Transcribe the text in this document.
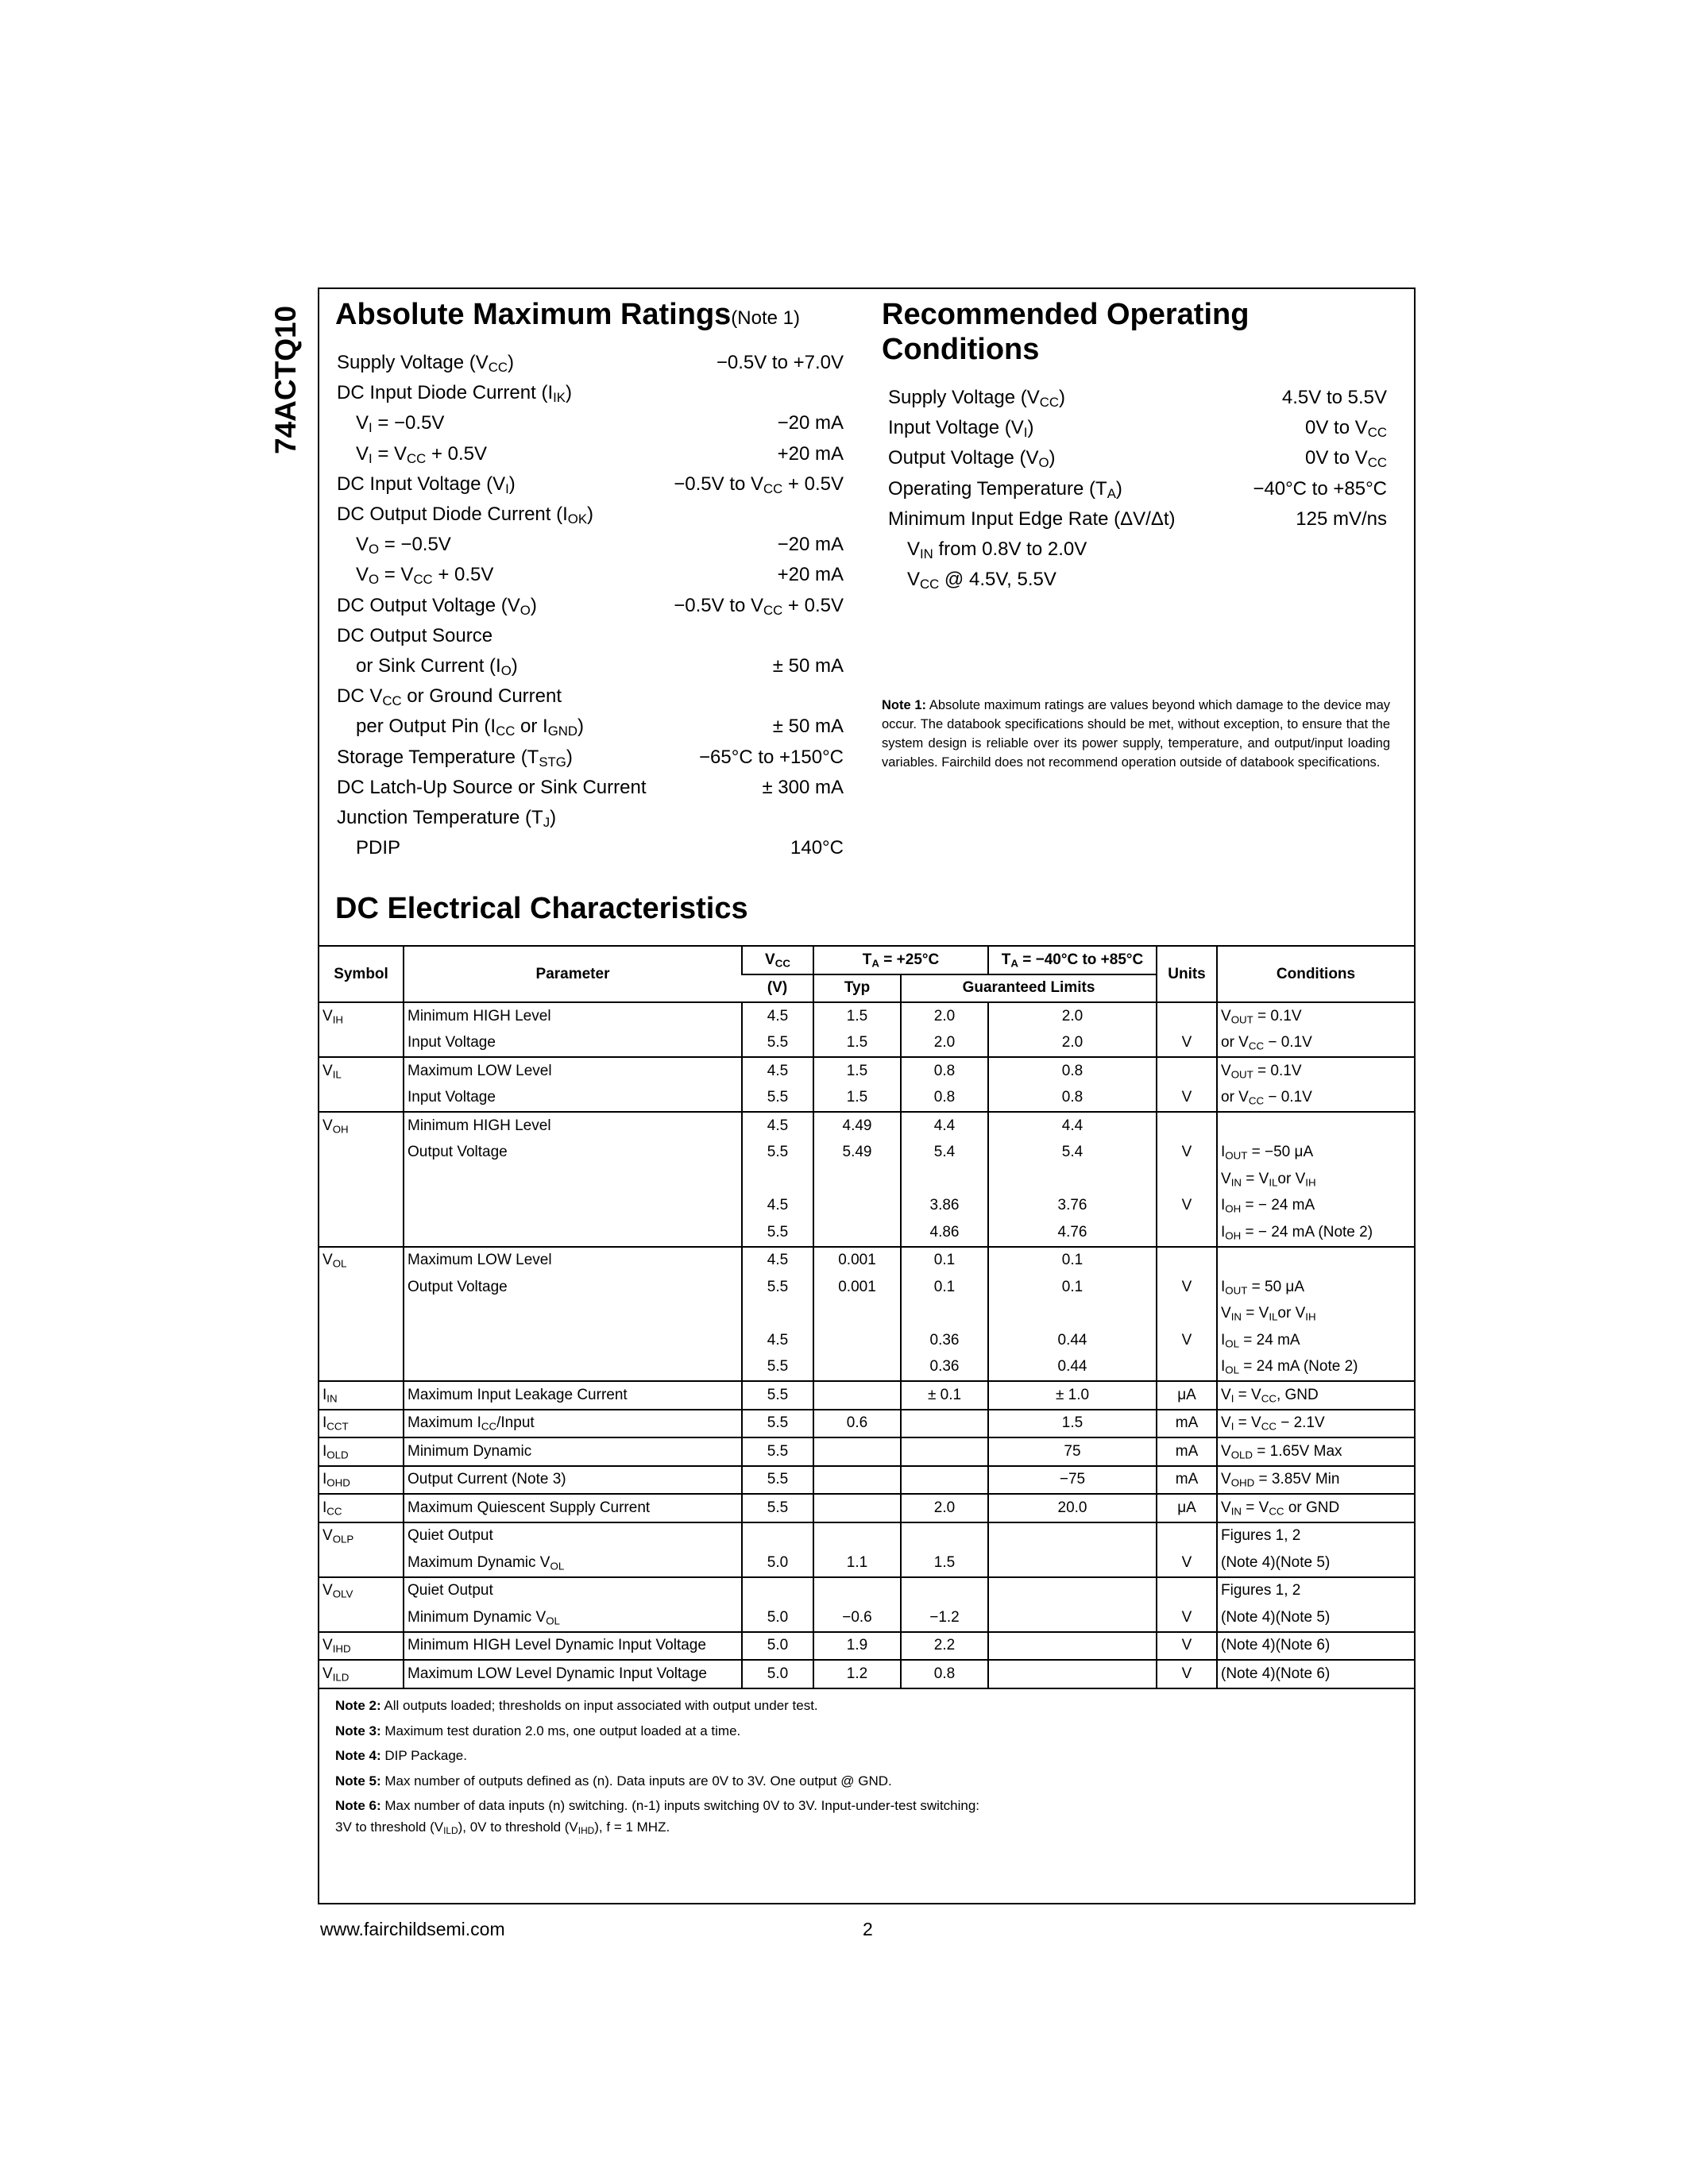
74ACTQ10 Absolute Maximum Ratings(Note 1)
Supply Voltage $(V_{CC})$	−0.5V to +7.0V
DC Input Diode Current $(I_{IK})$
$V_I = -0.5V$	−20 mA
$V_I = V_{CC} + 0.5V$	+20 mA
DC Input Voltage $(V_I)$	−0.5V to $V_{CC} + 0.5V$
DC Output Diode Current $(I_{OK})$
$V_O = -0.5V$	−20 mA
$V_O = V_{CC} + 0.5V$	+20 mA
DC Output Voltage $(V_O)$	−0.5V to $V_{CC} + 0.5V$
DC Output Source
or Sink Current $(I_O)$	± 50 mA
DC $V_{CC}$ or Ground Current
per Output Pin ($I_{CC}$ or $I_{GND}$)	± 50 mA
Storage Temperature $(T_{STG})$	−65°C to +150°C
DC Latch-Up Source or Sink Current	± 300 mA
Junction Temperature $(T_J)$
PDIP	140°C
Recommended Operating
Conditions
Supply Voltage $(V_{CC})$	4.5V to 5.5V
Input Voltage $(V_I)$	0V to $V_{CC}$
Output Voltage $(V_O)$	0V to $V_{CC}$
Operating Temperature $(T_A)$	−40°C to +85°C
Minimum Input Edge Rate (ΔV/Δt)	125 mV/ns
$V_{IN}$ from 0.8V to 2.0V
$V_{CC}$ @ 4.5V, 5.5V
Note 1: Absolute maximum ratings are values beyond which damage to the device may occur. The databook specifications should be met, without exception, to ensure that the system design is reliable over its power supply, temperature, and output/input loading variables. Fairchild does not recommend operation outside of databook specifications.
DC Electrical Characteristics
Symbol	Parameter	$V_{CC}$	$T_A = +25^\circ C$		$T_A = -40^\circ C$ to +85°C	Units	Conditions
		(V)	Typ	Guaranteed Limits			
$V_{IH}$	Minimum HIGH Level	4.5	1.5	2.0	2.0		$V_{OUT} = 0.1V$
	Input Voltage	5.5	1.5	2.0	2.0	V	or $V_{CC} - 0.1V$
$V_{IL}$	Maximum LOW Level	4.5	1.5	0.8	0.8		$V_{OUT} = 0.1V$
	Input Voltage	5.5	1.5	0.8	0.8	V	or $V_{CC} - 0.1V$
$V_{OH}$	Minimum HIGH Level	4.5	4.49	4.4	4.4		
	Output Voltage	5.5	5.49	5.4	5.4	V	$I_{OUT} = -50$ μA
							$V_{IN} = V_{IL}or$ $V_{IH}$
		4.5		3.86	3.76	V	$I_{OH}$ = − 24 mA
		5.5		4.86	4.76		$I_{OH}$ = − 24 mA (Note 2)
$V_{OL}$	Maximum LOW Level	4.5	0.001	0.1	0.1		
	Output Voltage	5.5	0.001	0.1	0.1	V	$I_{OUT} = 50$ μA
							$V_{IN} = V_{IL}or$ $V_{IH}$
		4.5		0.36	0.44	V	$I_{OL} = 24$ mA
		5.5		0.36	0.44		$I_{OL} = 24$ mA (Note 2)
$I_{IN}$	Maximum Input Leakage Current	5.5		± 0.1	± 1.0	μA	$V_I = V_{CC}$, GND
$I_{CCT}$	Maximum $I_{CC}$/Input	5.5	0.6		1.5	mA	$V_I = V_{CC} - 2.1V$
$I_{OLD}$	Minimum Dynamic	5.5			75	mA	$V_{OLD} = 1.65V$ Max
$I_{OHD}$	Output Current (Note 3)	5.5			−75	mA	$V_{OHD} = 3.85V$ Min
$I_{CC}$	Maximum Quiescent Supply Current	5.5		2.0	20.0	μA	$V_{IN} = V_{CC}$ or GND
$V_{OLP}$	Quiet Output						Figures 1, 2
	Maximum Dynamic $V_{OL}$	5.0	1.1	1.5		V	(Note 4)(Note 5)
$V_{OLV}$	Quiet Output						Figures 1, 2
	Minimum Dynamic $V_{OL}$	5.0	−0.6	−1.2		V	(Note 4)(Note 5)
$V_{IHD}$	Minimum HIGH Level Dynamic Input Voltage	5.0	1.9	2.2		V	(Note 4)(Note 6)
$V_{ILD}$	Maximum LOW Level Dynamic Input Voltage	5.0	1.2	0.8		V	(Note 4)(Note 6)
Note 2: All outputs loaded; thresholds on input associated with output under test.
Note 3: Maximum test duration 2.0 ms, one output loaded at a time.
Note 4: DIP Package.
Note 5: Max number of outputs defined as (n). Data inputs are 0V to 3V. One output @ GND.
Note 6: Max number of data inputs (n) switching. (n-1) inputs switching 0V to 3V. Input-under-test switching:
3V to threshold $(V_{ILD})$, 0V to threshold $(V_{IHD})$, f = 1 MHZ.
www.fairchildsemi.com	2
